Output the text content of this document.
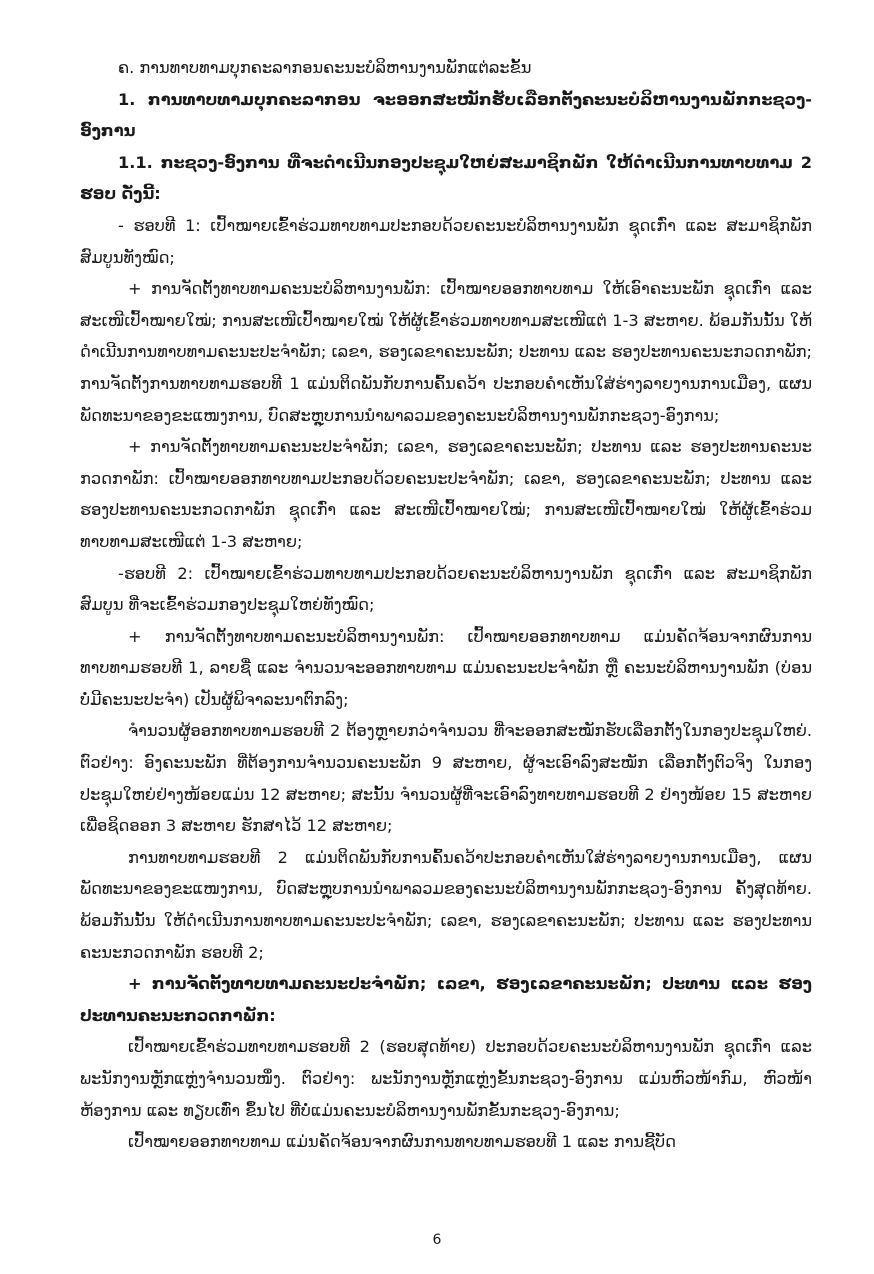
ຄ. ການທາບທາມບຸກຄະລາກອນຄະນະບໍລິຫານງານພັກແຕ່ລະຂັ້ນ

1. ການທາບທາມບຸກຄະລາກອນ ຈະອອກສະໝັກຮັບເລືອກຕັ້ງຄະນະບໍລິຫານງານພັກກະຊວງ-ອົງການ

1.1. ກະຊວງ-ອົງການ ທີ່ຈະດຳເນີນກອງປະຊຸມໃຫຍ່ສະມາຊິກພັກ ໃຫ້ດຳເນີນການທາບທາມ 2 ຮອບ ດັ່ງນີ້:

- ຮອບທີ 1: ເປົ້າໝາຍເຂົ້າຮ່ວມທາບທາມປະກອບດ້ວຍຄະນະບໍລິຫານງານພັກ ຊຸດເກົ່າ ແລະ ສະມາຊິກພັກສົມບູນທັງໝົດ;

+ ການຈັດຕັ້ງທາບທາມຄະນະບໍລິຫານງານພັກ: ເປົ້າໝາຍອອກທາບທາມ ໃຫ້ເອົາຄະນະພັກ ຊຸດເກົ່າ ແລະ ສະເໜີເປົ້າໝາຍໃໝ່; ການສະເໜີເປົ້າໝາຍໃໝ່ ໃຫ້ຜູ້ເຂົ້າຮ່ວມທາບທາມສະເໜີແຕ່ 1-3 ສະຫາຍ. ພ້ອມກັນນັ້ນ ໃຫ້ດຳເນີນການທາບທາມຄະນະປະຈຳພັກ; ເລຂາ, ຮອງເລຂາຄະນະພັກ; ປະທານ ແລະ ຮອງປະທານຄະນະກວດກາພັກ; ການຈັດຕັ້ງການທາບທາມຮອບທີ 1 ແມ່ນຕິດພັນກັບການຄົ້ນຄວ້າ ປະກອບຄຳເຫັນໃສ່ຮ່າງລາຍງານການເມືອງ, ແຜນພັດທະນາຂອງຂະແໜງການ, ບົດສະຫຼຸບການນຳພາລວມຂອງຄະນະບໍລິຫານງານພັກກະຊວງ-ອົງການ;

+ ການຈັດຕັ້ງທາບທາມຄະນະປະຈຳພັກ; ເລຂາ, ຮອງເລຂາຄະນະພັກ; ປະທານ ແລະ ຮອງປະທານຄະນະກວດກາພັກ: ເປົ້າໝາຍອອກທາບທາມປະກອບດ້ວຍຄະນະປະຈຳພັກ; ເລຂາ, ຮອງເລຂາຄະນະພັກ; ປະທານ ແລະ ຮອງປະທານຄະນະກວດກາພັກ ຊຸດເກົ່າ ແລະ ສະເໜີເປົ້າໝາຍໃໝ່; ການສະເໜີເປົ້າໝາຍໃໝ່ ໃຫ້ຜູ້ເຂົ້າຮ່ວມທາບທາມສະເໜີແຕ່ 1-3 ສະຫາຍ;

-ຮອບທີ 2: ເປົ້າໝາຍເຂົ້າຮ່ວມທາບທາມປະກອບດ້ວຍຄະນະບໍລິຫານງານພັກ ຊຸດເກົ່າ ແລະ ສະມາຊິກພັກສົມບູນ ທີ່ຈະເຂົ້າຮ່ວມກອງປະຊຸມໃຫຍ່ທັງໝົດ;

+ ການຈັດຕັ້ງທາບທາມຄະນະບໍລິຫານງານພັກ: ເປົ້າໝາຍອອກທາບທາມ ແມ່ນຄັດຈ້ອນຈາກຜົນການທາບທາມຮອບທີ 1, ລາຍຊື່ ແລະ ຈຳນວນຈະອອກທາບທາມ ແມ່ນຄະນະປະຈຳພັກ ຫຼື ຄະນະບໍລິຫານງານພັກ (ບ່ອນບໍ່ມີຄະນະປະຈຳ) ເປັນຜູ້ພິຈາລະນາຕົກລົງ;

ຈຳນວນຜູ້ອອກທາບທາມຮອບທີ 2 ຕ້ອງຫຼາຍກວ່າຈຳນວນ ທີ່ຈະອອກສະໝັກຮັບເລືອກຕັ້ງໃນກອງປະຊຸມໃຫຍ່. ຕົວຢ່າງ: ອົງຄະນະພັກ ທີ່ຕ້ອງການຈຳນວນຄະນະພັກ 9 ສະຫາຍ, ຜູ້ຈະເອົາລົງສະໝັກ ເລືອກຕັ້ງຕົວຈິງ ໃນກອງປະຊຸມໃຫຍ່ຢ່າງໜ້ອຍແມ່ນ 12 ສະຫາຍ; ສະນັ້ນ ຈຳນວນຜູ້ທີ່ຈະເອົາລົງທາບທາມຮອບທີ 2 ຢ່າງໜ້ອຍ 15 ສະຫາຍ ເພື່ອຊິດອອກ 3 ສະຫາຍ ຮັກສາໄວ້ 12 ສະຫາຍ;

ການທາບທາມຮອບທີ 2 ແມ່ນຕິດພັນກັບການຄົ້ນຄວ້າປະກອບຄຳເຫັນໃສ່ຮ່າງລາຍງານການເມືອງ, ແຜນພັດທະນາຂອງຂະແໜງການ, ບົດສະຫຼຸບການນຳພາລວມຂອງຄະນະບໍລິຫານງານພັກກະຊວງ-ອົງການ ຄັ້ງສຸດທ້າຍ. ພ້ອມກັນນັ້ນ ໃຫ້ດຳເນີນການທາບທາມຄະນະປະຈຳພັກ; ເລຂາ, ຮອງເລຂາຄະນະພັກ; ປະທານ ແລະ ຮອງປະທານຄະນະກວດກາພັກ ຮອບທີ 2;

+ ການຈັດຕັ້ງທາບທາມຄະນະປະຈຳພັກ; ເລຂາ, ຮອງເລຂາຄະນະພັກ; ປະທານ ແລະ ຮອງປະທານຄະນະກວດກາພັກ:

ເປົ້າໝາຍເຂົ້າຮ່ວມທາບທາມຮອບທີ 2 (ຮອບສຸດທ້າຍ) ປະກອບດ້ວຍຄະນະບໍລິຫານງານພັກ ຊຸດເກົ່າ ແລະ ພະນັກງານຫຼັກແຫຼ່ງຈຳນວນໜຶ່ງ. ຕົວຢ່າງ: ພະນັກງານຫຼັກແຫຼ່ງຂັ້ນກະຊວງ-ອົງການ ແມ່ນຫົວໜ້າກົມ, ຫົວໜ້າຫ້ອງການ ແລະ ທຽບເທົ່າ ຂຶ້ນໄປ ທີ່ບໍ່ແມ່ນຄະນະບໍລິຫານງານພັກຂັ້ນກະຊວງ-ອົງການ;

ເປົ້າໝາຍອອກທາບທາມ ແມ່ນຄັດຈ້ອນຈາກຜົນການທາບທາມຮອບທີ 1 ແລະ ການຊີ້ບັດ

6
